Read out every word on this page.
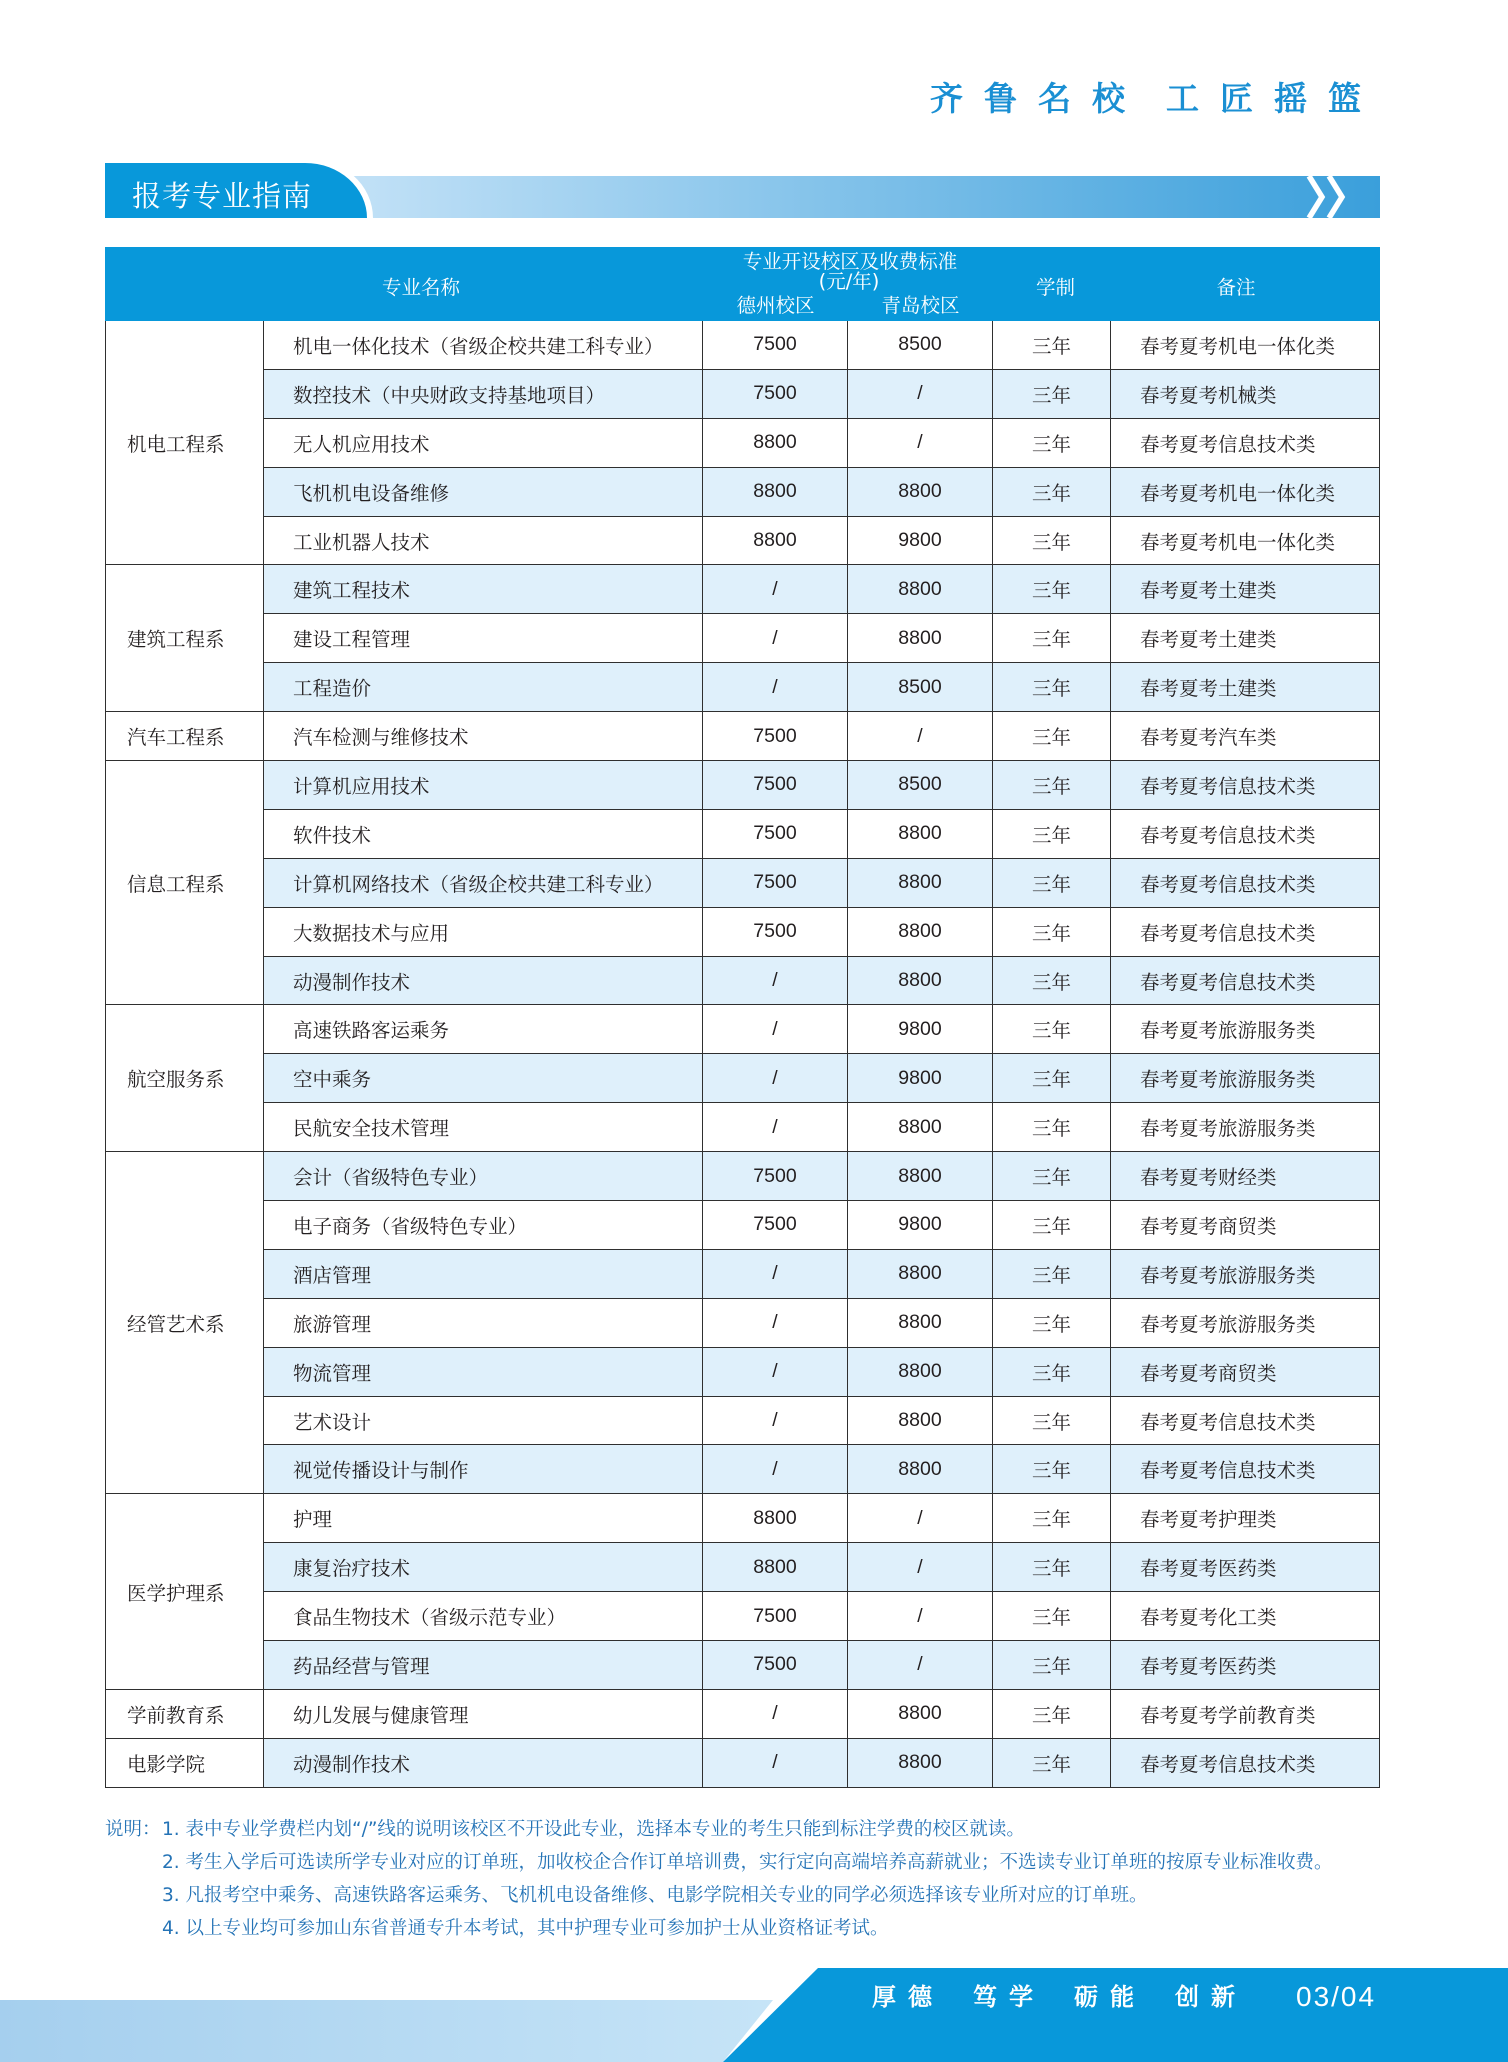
齐鲁名校 工匠摇篮
报考专业指南
专业名称
专业开设校区及收费标准
(元/年)
德州校区	青岛校区
学制	备注
机电工程系
机电一体化技术（省级企校共建工科专业）	7500	8500	三年	春考夏考机电一体化类
数控技术（中央财政支持基地项目）	7500	/	三年	春考夏考机械类
无人机应用技术	8800	/	三年	春考夏考信息技术类
飞机机电设备维修	8800	8800	三年	春考夏考机电一体化类
工业机器人技术	8800	9800	三年	春考夏考机电一体化类
建筑工程系
建筑工程技术	/	8800	三年	春考夏考土建类
建设工程管理	/	8800	三年	春考夏考土建类
工程造价	/	8500	三年	春考夏考土建类
汽车工程系	汽车检测与维修技术	7500	/	三年	春考夏考汽车类
信息工程系
计算机应用技术	7500	8500	三年	春考夏考信息技术类
软件技术	7500	8800	三年	春考夏考信息技术类
计算机网络技术（省级企校共建工科专业）	7500	8800	三年	春考夏考信息技术类
大数据技术与应用	7500	8800	三年	春考夏考信息技术类
动漫制作技术	/	8800	三年	春考夏考信息技术类
航空服务系
高速铁路客运乘务	/	9800	三年	春考夏考旅游服务类
空中乘务	/	9800	三年	春考夏考旅游服务类
民航安全技术管理	/	8800	三年	春考夏考旅游服务类
经管艺术系
会计（省级特色专业）	7500	8800	三年	春考夏考财经类
电子商务（省级特色专业）	7500	9800	三年	春考夏考商贸类
酒店管理	/	8800	三年	春考夏考旅游服务类
旅游管理	/	8800	三年	春考夏考旅游服务类
物流管理	/	8800	三年	春考夏考商贸类
艺术设计	/	8800	三年	春考夏考信息技术类
视觉传播设计与制作	/	8800	三年	春考夏考信息技术类
医学护理系
护理	8800	/	三年	春考夏考护理类
康复治疗技术	8800	/	三年	春考夏考医药类
食品生物技术（省级示范专业）	7500	/	三年	春考夏考化工类
药品经营与管理	7500	/	三年	春考夏考医药类
学前教育系	幼儿发展与健康管理	/	8800	三年	春考夏考学前教育类
电影学院	动漫制作技术	/	8800	三年	春考夏考信息技术类
说明：1. 表中专业学费栏内划“/”线的说明该校区不开设此专业，选择本专业的考生只能到标注学费的校区就读。
2. 考生入学后可选读所学专业对应的订单班，加收校企合作订单培训费，实行定向高端培养高薪就业；不选读专业订单班的按原专业标准收费。
3. 凡报考空中乘务、高速铁路客运乘务、飞机机电设备维修、电影学院相关专业的同学必须选择该专业所对应的订单班。
4. 以上专业均可参加山东省普通专升本考试，其中护理专业可参加护士从业资格证考试。
厚德 笃学 砺能 创新 03/04
